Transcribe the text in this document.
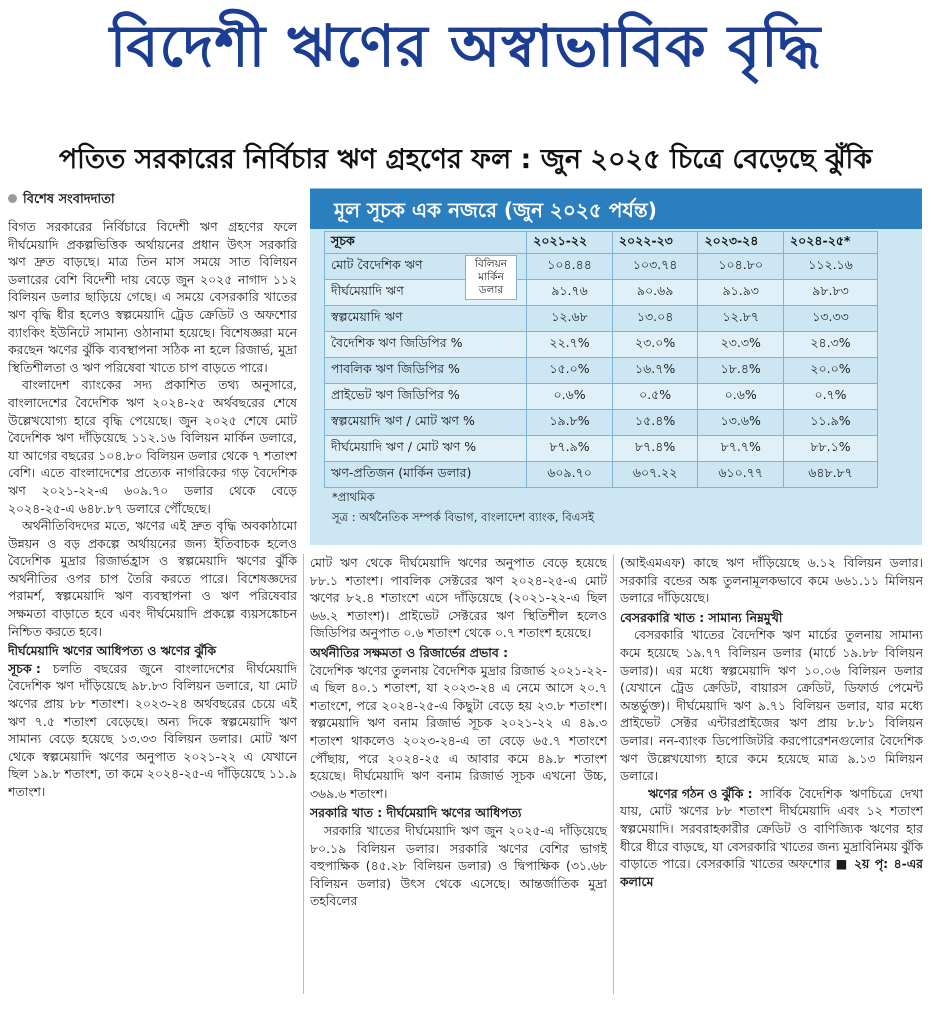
বিদেশী ঋণের অস্বাভাবিক বৃদ্ধি
পতিত সরকারের নির্বিচার ঋণ গ্রহণের ফল : জুন ২০২৫ চিত্রে বেড়েছে ঝুঁকি
বিশেষ সংবাদদাতা	মূল সূচক এক নজরে (জুন ২০২৫ পর্যন্ত)
সূচক	২০২১-২২	২০২২-২৩	২০২৩-২৪	২০২৪-২৫*
মোট বৈদেশিক ঋণ	১০৪.৪৪	১০৩.৭৪	১০৪.৮০	১১২.১৬
দীর্ঘমেয়াদি ঋণ	৯১.৭৬	৯০.৬৯	৯১.৯৩	৯৮.৮৩
স্বল্পমেয়াদি ঋণ	১২.৬৮	১৩.০৪	১২.৮৭	১৩.৩৩
বৈদেশিক ঋণ জিডিপির %	২২.৭%	২৩.০%	২৩.৩%	২৪.৩%
পাবলিক ঋণ জিডিপির %	১৫.০%	১৬.৭%	১৮.৪%	২০.০%
প্রাইভেট ঋণ জিডিপির %	০.৬%	০.৫%	০.৬%	০.৭%
স্বল্পমেয়াদি ঋণ / মোট ঋণ %	১৯.৮%	১৫.৪%	১৩.৬%	১১.৯%
দীর্ঘমেয়াদি ঋণ / মোট ঋণ %	৮৭.৯%	৮৭.৪%	৮৭.৭%	৮৮.১%
ঋণ-প্রতিজন (মার্কিন ডলার)	৬০৯.৭০	৬০৭.২২	৬১০.৭৭	৬৪৮.৮৭
বিলিয়ন মার্কিন ডলার
*প্রাথমিক
সূত্র : অর্থনৈতিক সম্পর্ক বিভাগ, বাংলাদেশ ব্যাংক, বিএসই

বিগত সরকারের নির্বিচারে বিদেশী ঋণ গ্রহণের ফলে দীর্ঘমেয়াদি প্রকল্পভিত্তিক অর্থায়নের প্রধান উৎস সরকারি ঋণ দ্রুত বাড়ছে। মাত্র তিন মাস সময়ে সাত বিলিয়ন ডলারের বেশি বিদেশী দায় বেড়ে জুন ২০২৫ নাগাদ ১১২ বিলিয়ন ডলার ছাড়িয়ে গেছে। এ সময়ে বেসরকারি খাতের ঋণ বৃদ্ধি ধীর হলেও স্বল্পমেয়াদি ট্রেড ক্রেডিট ও অফশোর ব্যাংকিং ইউনিটে সামান্য ওঠানামা হয়েছে। বিশেষজ্ঞরা মনে করছেন ঋণের ঝুঁকি ব্যবস্থাপনা সঠিক না হলে রিজার্ভ, মুদ্রা স্থিতিশীলতা ও ঋণ পরিষেবা খাতে চাপ বাড়তে পারে।

বাংলাদেশ ব্যাংকের সদ্য প্রকাশিত তথ্য অনুসারে, বাংলাদেশের বৈদেশিক ঋণ ২০২৪-২৫ অর্থবছরের শেষে উল্লেখযোগ্য হারে বৃদ্ধি পেয়েছে। জুন ২০২৫ শেষে মোট বৈদেশিক ঋণ দাঁড়িয়েছে ১১২.১৬ বিলিয়ন মার্কিন ডলারে, যা আগের বছরের ১০৪.৮০ বিলিয়ন ডলার থেকে ৭ শতাংশ বেশি। এতে বাংলাদেশের প্রত্যেক নাগরিকের গড় বৈদেশিক ঋণ ২০২১-২২-এ ৬০৯.৭০ ডলার থেকে বেড়ে ২০২৪-২৫-এ ৬৪৮.৮৭ ডলারে পৌঁছেছে।

অর্থনীতিবিদদের মতে, ঋণের এই দ্রুত বৃদ্ধি অবকাঠামো উন্নয়ন ও বড় প্রকল্পে অর্থায়নের জন্য ইতিবাচক হলেও বৈদেশিক মুদ্রার রিজার্ভহ্রাস ও স্বল্পমেয়াদি ঋণের ঝুঁকি অর্থনীতির ওপর চাপ তৈরি করতে পারে। বিশেষজ্ঞদের পরামর্শ, স্বল্পমেয়াদি ঋণ ব্যবস্থাপনা ও ঋণ পরিষেবার সক্ষমতা বাড়াতে হবে এবং দীর্ঘমেয়াদি প্রকল্পে ব্যয়সঙ্কোচন নিশ্চিত করতে হবে।

দীর্ঘমেয়াদি ঋণের আধিপত্য ও ঋণের ঝুঁকি

সূচক : চলতি বছরের জুনে বাংলাদেশের দীর্ঘমেয়াদি বৈদেশিক ঋণ দাঁড়িয়েছে ৯৮.৮৩ বিলিয়ন ডলারে, যা মোট ঋণের প্রায় ৮৮ শতাংশ। ২০২৩-২৪ অর্থবছরের চেয়ে এই ঋণ ৭.৫ শতাংশ বেড়েছে। অন্য দিকে স্বল্পমেয়াদি ঋণ সামান্য বেড়ে হয়েছে ১৩.৩৩ বিলিয়ন ডলার। মোট ঋণ থেকে স্বল্পমেয়াদি ঋণের অনুপাত ২০২১-২২ এ যেখানে ছিল ১৯.৮ শতাংশ, তা কমে ২০২৪-২৫-এ দাঁড়িয়েছে ১১.৯ শতাংশ।

মোট ঋণ থেকে দীর্ঘমেয়াদি ঋণের অনুপাত বেড়ে হয়েছে ৮৮.১ শতাংশ। পাবলিক সেক্টরের ঋণ ২০২৪-২৫-এ মোট ঋণের ৮২.৪ শতাংশে এসে দাঁড়িয়েছে (২০২১-২২-এ ছিল ৬৬.২ শতাংশ)। প্রাইভেট সেক্টরের ঋণ স্থিতিশীল হলেও জিডিপির অনুপাত ০.৬ শতাংশ থেকে ০.৭ শতাংশ হয়েছে।

অর্থনীতির সক্ষমতা ও রিজার্ভের প্রভাব :

বৈদেশিক ঋণের তুলনায় বৈদেশিক মুদ্রার রিজার্ভ ২০২১-২২-এ ছিল ৪০.১ শতাংশ, যা ২০২৩-২৪ এ নেমে আসে ২০.৭ শতাংশে, পরে ২০২৪-২৫-এ কিছুটা বেড়ে হয় ২৩.৮ শতাংশ। স্বল্পমেয়াদি ঋণ বনাম রিজার্ভ সূচক ২০২১-২২ এ ৪৯.৩ শতাংশ থাকলেও ২০২৩-২৪-এ তা বেড়ে ৬৫.৭ শতাংশে পৌঁছায়, পরে ২০২৪-২৫ এ আবার কমে ৪৯.৮ শতাংশ হয়েছে। দীর্ঘমেয়াদি ঋণ বনাম রিজার্ভ সূচক এখনো উচ্চ, ৩৬৯.৬ শতাংশ।

সরকারি খাত : দীর্ঘমেয়াদি ঋণের আধিপত্য

সরকারি খাতের দীর্ঘমেয়াদি ঋণ জুন ২০২৫-এ দাঁড়িয়েছে ৮০.১৯ বিলিয়ন ডলার। সরকারি ঋণের বেশির ভাগই বহুপাক্ষিক (৪৫.২৮ বিলিয়ন ডলার) ও দ্বিপাক্ষিক (৩১.৬৮ বিলিয়ন ডলার) উৎস থেকে এসেছে। আন্তর্জাতিক মুদ্রা তহবিলের

(আইএমএফ) কাছে ঋণ দাঁড়িয়েছে ৬.১২ বিলিয়ন ডলার। সরকারি বন্ডের অঙ্ক তুলনামূলকভাবে কমে ৬৬১.১১ মিলিয়ন ডলারে দাঁড়িয়েছে।

বেসরকারি খাত : সামান্য নিম্নমুখী

বেসরকারি খাতের বৈদেশিক ঋণ মার্চের তুলনায় সামান্য কমে হয়েছে ১৯.৭৭ বিলিয়ন ডলার (মার্চে ১৯.৮৮ বিলিয়ন ডলার)। এর মধ্যে স্বল্পমেয়াদি ঋণ ১০.০৬ বিলিয়ন ডলার (যেখানে ট্রেড ক্রেডিট, বায়ারস ক্রেডিট, ডিফার্ড পেমেন্ট অন্তর্ভুক্ত)। দীর্ঘমেয়াদি ঋণ ৯.৭১ বিলিয়ন ডলার, যার মধ্যে প্রাইভেট সেক্টর এন্টারপ্রাইজের ঋণ প্রায় ৮.৮১ বিলিয়ন ডলার। নন-ব্যাংক ডিপোজিটরি করপোরেশনগুলোর বৈদেশিক ঋণ উল্লেখযোগ্য হারে কমে হয়েছে মাত্র ৯.১৩ মিলিয়ন ডলারে।

ঋণের গঠন ও ঝুঁকি : সার্বিক বৈদেশিক ঋণচিত্রে দেখা যায়, মোট ঋণের ৮৮ শতাংশ দীর্ঘমেয়াদি এবং ১২ শতাংশ স্বল্পমেয়াদি। সরবরাহকারীর ক্রেডিট ও বাণিজ্যিক ঋণের হার ধীরে ধীরে বাড়ছে, যা বেসরকারি খাতের জন্য মুদ্রাবিনিময় ঝুঁকি বাড়াতে পারে। বেসরকারি খাতের অফশোর ■ ২য় পৃ: ৪-এর কলামে
